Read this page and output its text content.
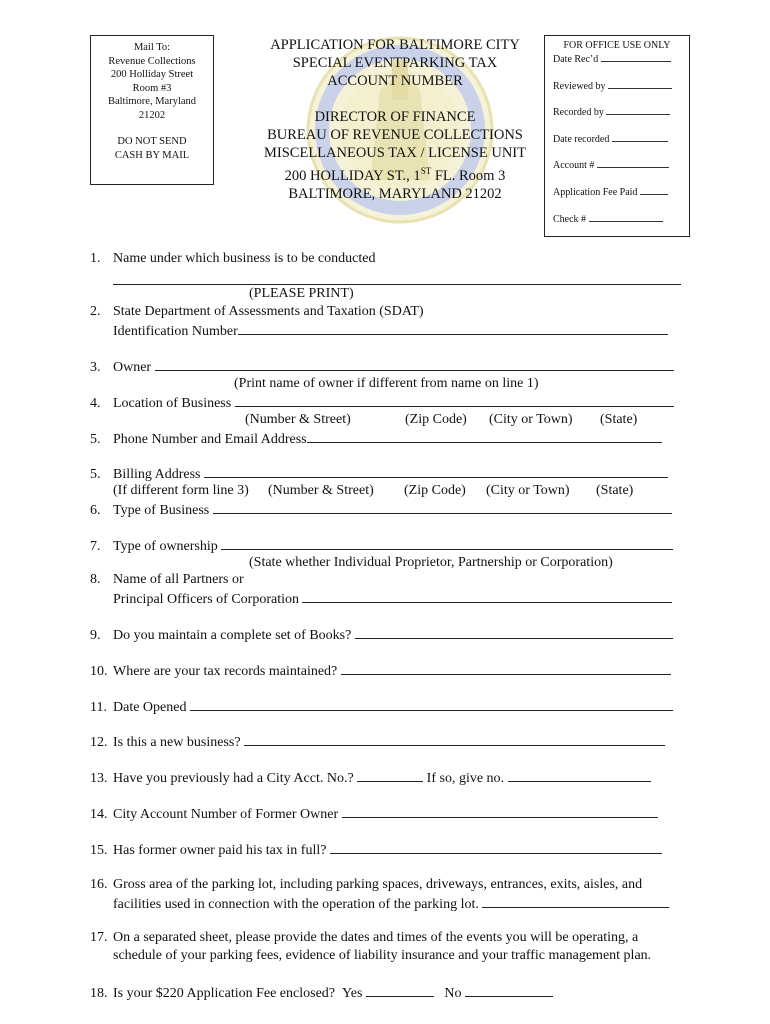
Mail To:
Revenue Collections
200 Holliday Street
Room #3
Baltimore, Maryland
21202
DO NOT SEND
CASH BY MAIL
APPLICATION FOR BALTIMORE CITY
SPECIAL EVENTPARKING TAX
ACCOUNT NUMBER
DIRECTOR OF FINANCE
BUREAU OF REVENUE COLLECTIONS
MISCELLANEOUS TAX / LICENSE UNIT
200 HOLLIDAY ST., 1ST FL. Room 3
BALTIMORE, MARYLAND 21202
FOR OFFICE USE ONLY
Date Rec’d
Reviewed by
Recorded by
Date recorded
Account #
Application Fee Paid
Check #
1. Name under which business is to be conducted
(PLEASE PRINT)
2. State Department of Assessments and Taxation (SDAT)
Identification Number
3. Owner
(Print name of owner if different from name on line 1)
4. Location of Business
(Number & Street)	(Zip Code) (City or Town) (State)
5. Phone Number and Email Address
5. Billing Address
(If different form line 3) (Number & Street) (Zip Code) (City or Town) (State)
6. Type of Business
7. Type of ownership
(State whether Individual Proprietor, Partnership or Corporation)
8. Name of all Partners or
Principal Officers of Corporation
9. Do you maintain a complete set of Books?
10. Where are your tax records maintained?
11. Date Opened
12. Is this a new business?
13. Have you previously had a City Acct. No.?	If so, give no.
14. City Account Number of Former Owner
15. Has former owner paid his tax in full?
16. Gross area of the parking lot, including parking spaces, driveways, entrances, exits, aisles, and
facilities used in connection with the operation of the parking lot.
17. On a separated sheet, please provide the dates and times of the events you will be operating, a
schedule of your parking fees, evidence of liability insurance and your traffic management plan.
18. Is your $220 Application Fee enclosed? Yes	No
